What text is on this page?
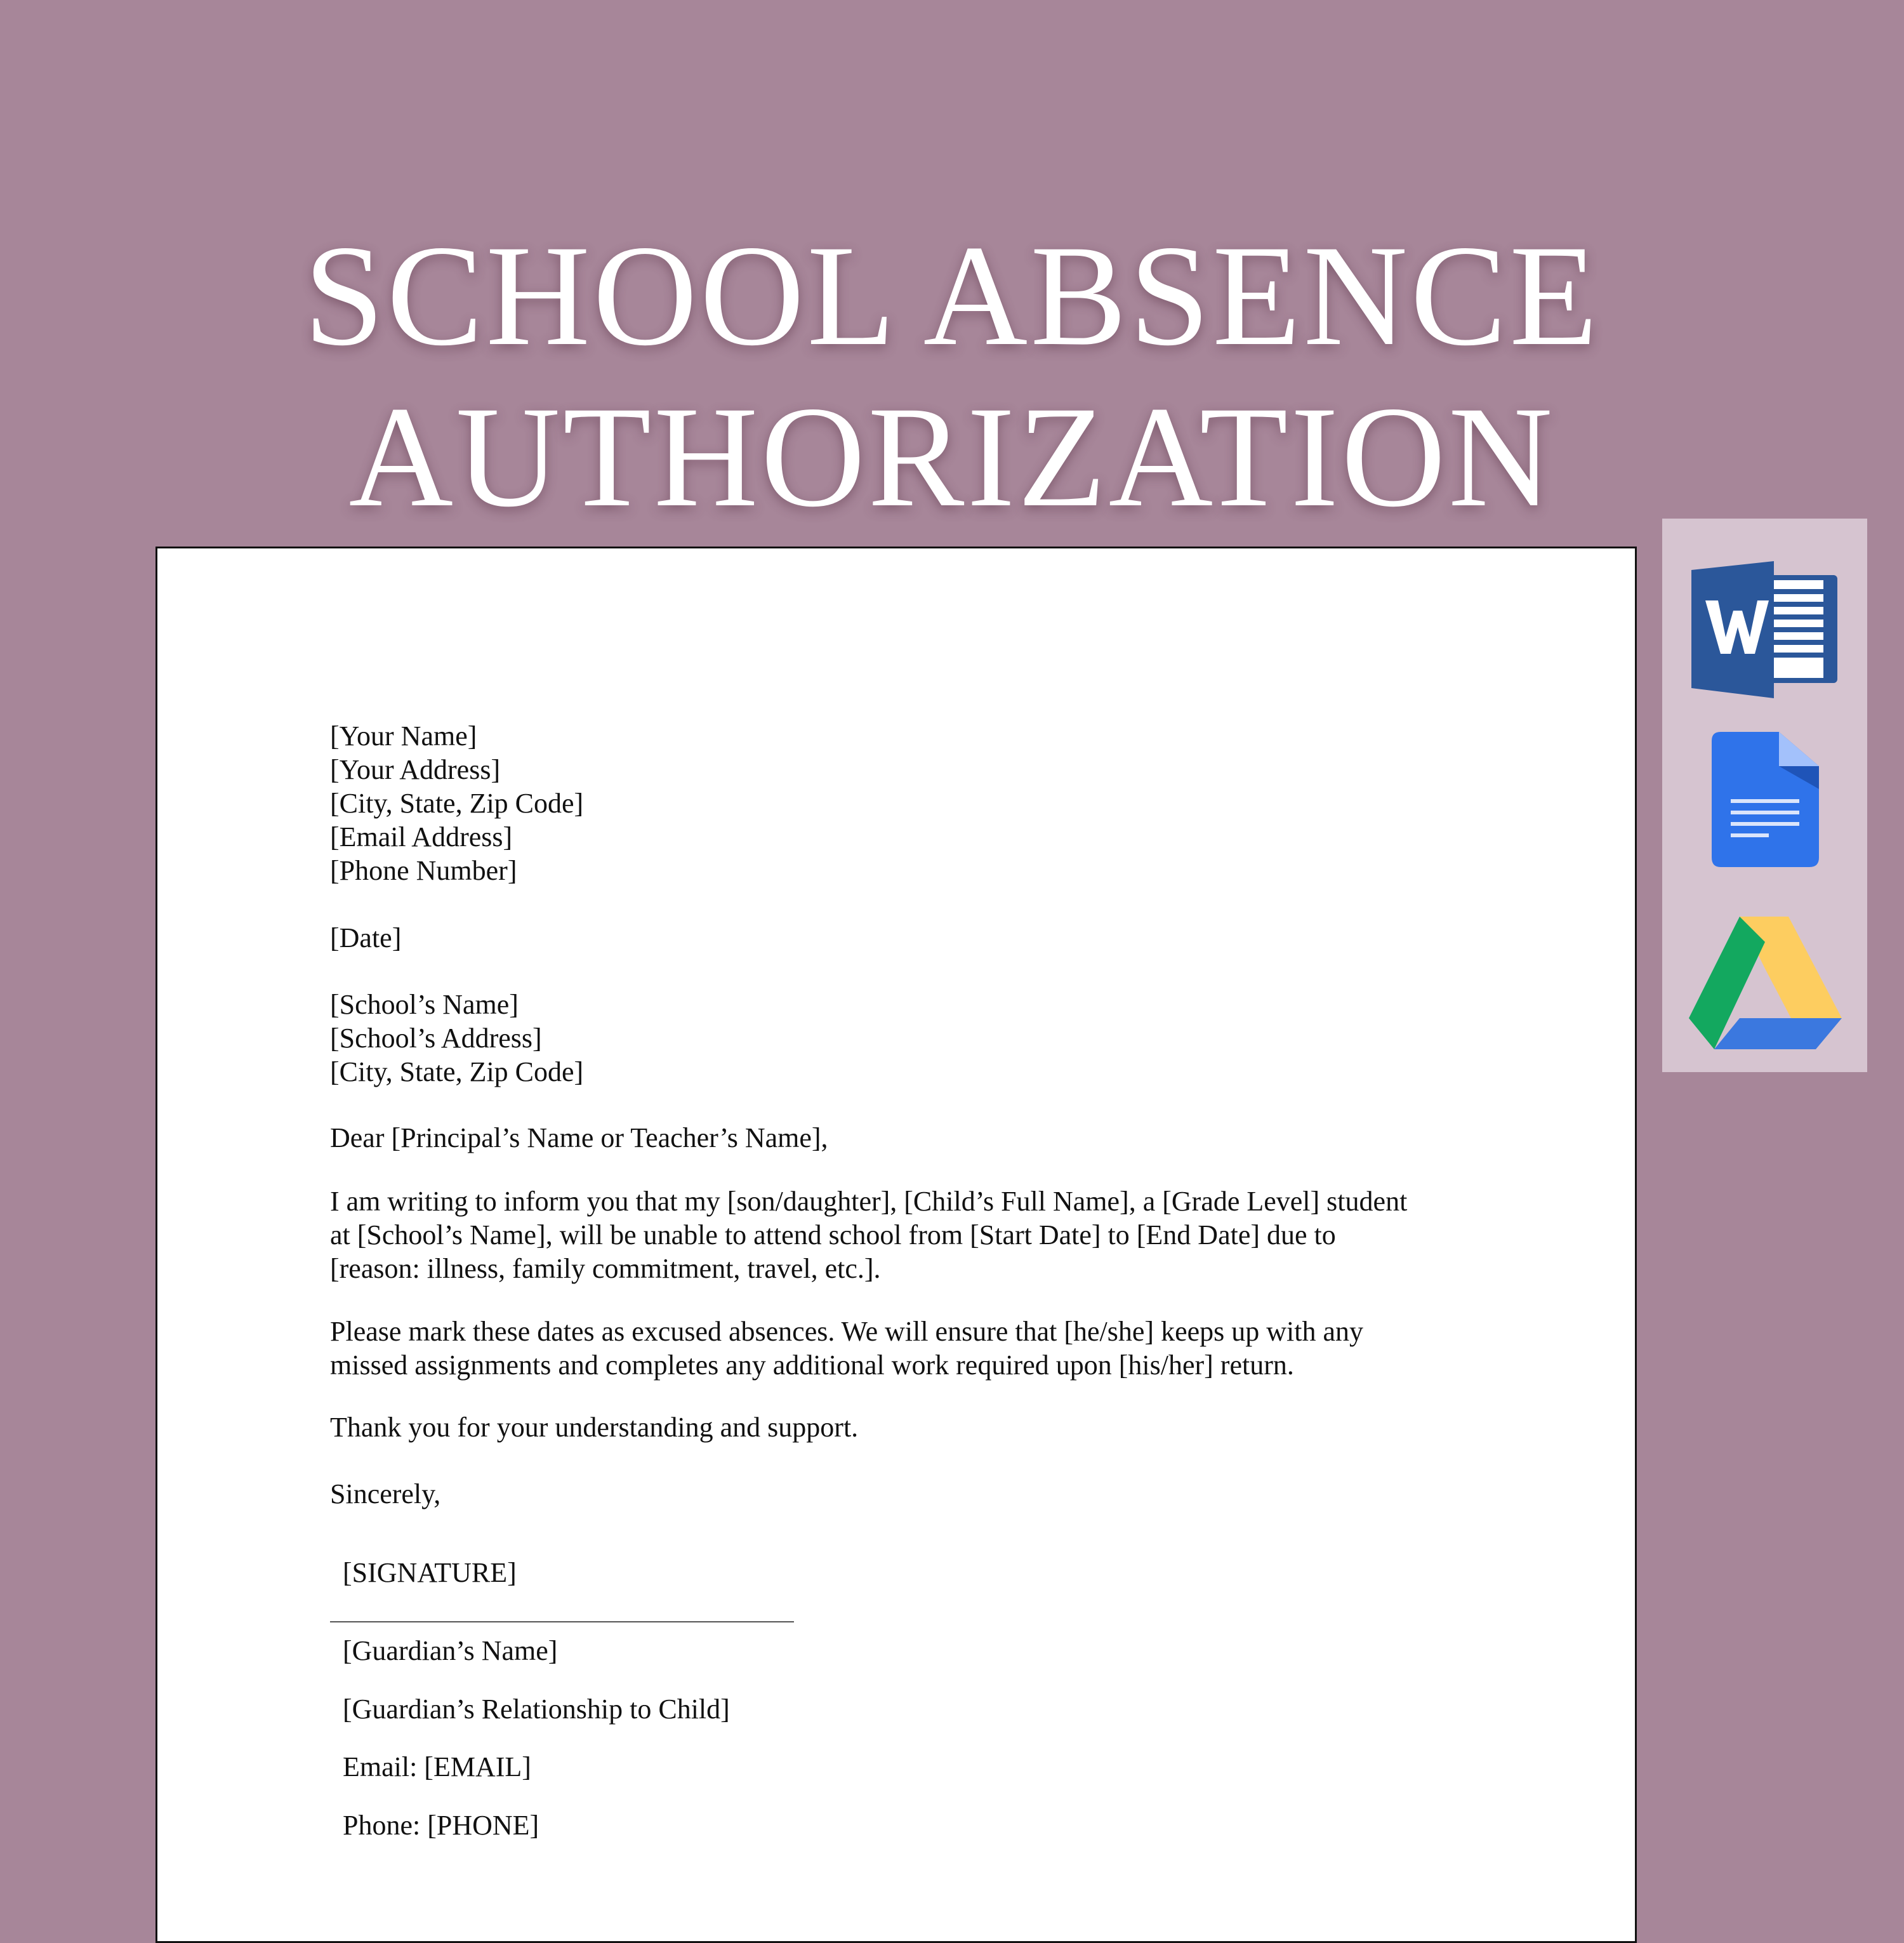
SCHOOL ABSENCE
AUTHORIZATION
[Your Name]
[Your Address]
[City, State, Zip Code]
[Email Address]
[Phone Number]
[Date]
[School’s Name]
[School’s Address]
[City, State, Zip Code]
Dear [Principal’s Name or Teacher’s Name],
I am writing to inform you that my [son/daughter], [Child’s Full Name], a [Grade Level] student
at [School’s Name], will be unable to attend school from [Start Date] to [End Date] due to
[reason: illness, family commitment, travel, etc.].
Please mark these dates as excused absences. We will ensure that [he/she] keeps up with any
missed assignments and completes any additional work required upon [his/her] return.
Thank you for your understanding and support.
Sincerely,
[SIGNATURE]
[Guardian’s Name]
[Guardian’s Relationship to Child]
Email: [EMAIL]
Phone: [PHONE]
